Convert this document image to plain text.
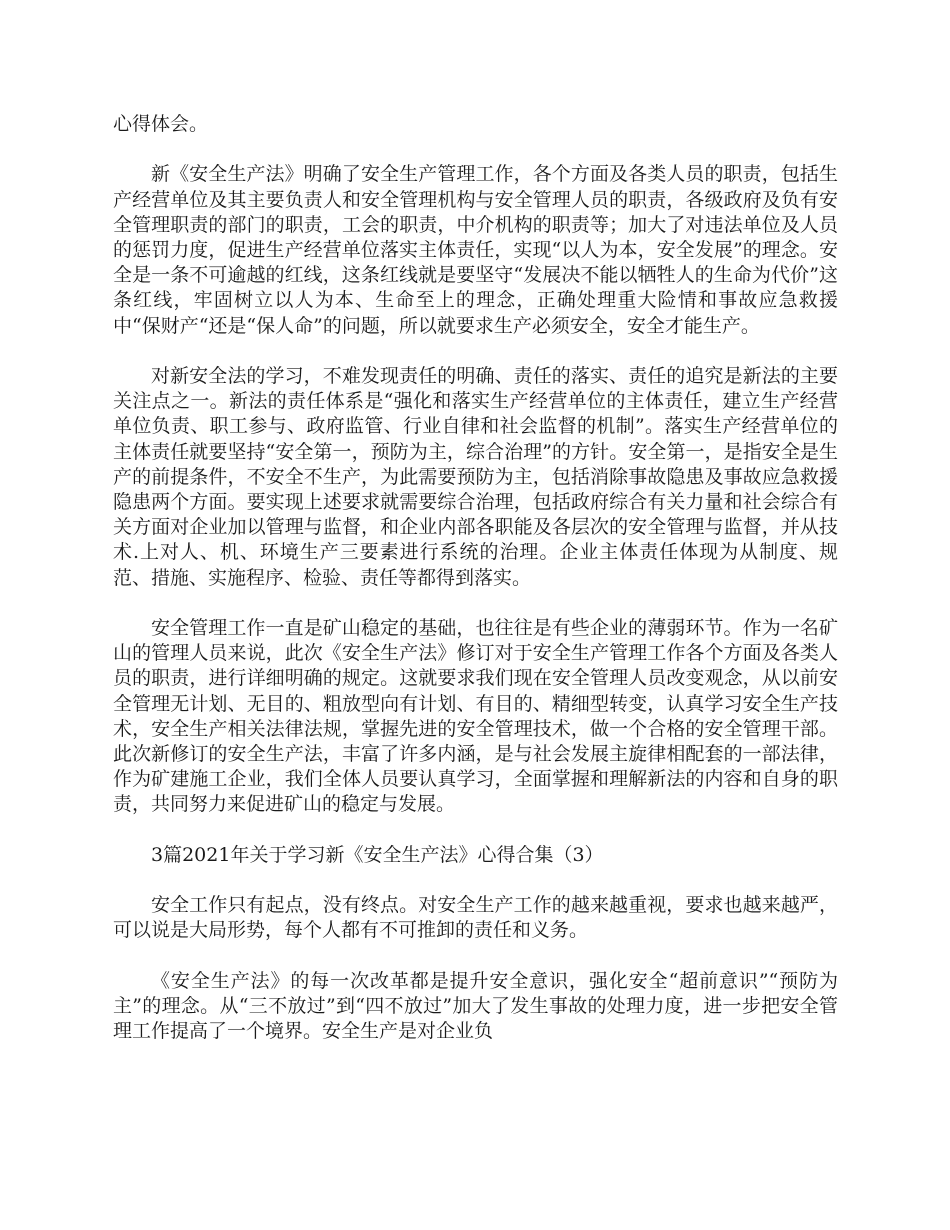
心得体会。

新《安全生产法》明确了安全生产管理工作，各个方面及各类人员的职责，包括生产经营单位及其主要负责人和安全管理机构与安全管理人员的职责，各级政府及负有安全管理职责的部门的职责，工会的职责，中介机构的职责等；加大了对违法单位及人员的惩罚力度，促进生产经营单位落实主体责任，实现“以人为本，安全发展”的理念。安全是一条不可逾越的红线，这条红线就是要坚守“发展决不能以牺牲人的生命为代价”这条红线，牢固树立以人为本、生命至上的理念，正确处理重大险情和事故应急救援中“保财产“还是“保人命”的问题，所以就要求生产必须安全，安全才能生产。

对新安全法的学习，不难发现责任的明确、责任的落实、责任的追究是新法的主要关注点之一。新法的责任体系是“强化和落实生产经营单位的主体责任，建立生产经营单位负责、职工参与、政府监管、行业自律和社会监督的机制”。落实生产经营单位的主体责任就要坚持“安全第一，预防为主，综合治理”的方针。安全第一，是指安全是生产的前提条件，不安全不生产，为此需要预防为主，包括消除事故隐患及事故应急救援隐患两个方面。要实现上述要求就需要综合治理，包括政府综合有关力量和社会综合有关方面对企业加以管理与监督，和企业内部各职能及各层次的安全管理与监督，并从技术.上对人、机、环境生产三要素进行系统的治理。企业主体责任体现为从制度、规范、措施、实施程序、检验、责任等都得到落实。

安全管理工作一直是矿山稳定的基础，也往往是有些企业的薄弱环节。作为一名矿山的管理人员来说，此次《安全生产法》修订对于安全生产管理工作各个方面及各类人员的职责，进行详细明确的规定。这就要求我们现在安全管理人员改变观念，从以前安全管理无计划、无目的、粗放型向有计划、有目的、精细型转变，认真学习安全生产技术，安全生产相关法律法规，掌握先进的安全管理技术，做一个合格的安全管理干部。此次新修订的安全生产法，丰富了许多内涵，是与社会发展主旋律相配套的一部法律，作为矿建施工企业，我们全体人员要认真学习，全面掌握和理解新法的内容和自身的职责，共同努力来促进矿山的稳定与发展。

3篇2021年关于学习新《安全生产法》心得合集（3）

安全工作只有起点，没有终点。对安全生产工作的越来越重视，要求也越来越严，可以说是大局形势，每个人都有不可推卸的责任和义务。

《安全生产法》的每一次改革都是提升安全意识，强化安全“超前意识”“预防为主”的理念。从“三不放过”到“四不放过”加大了发生事故的处理力度，进一步把安全管理工作提高了一个境界。安全生产是对企业负
